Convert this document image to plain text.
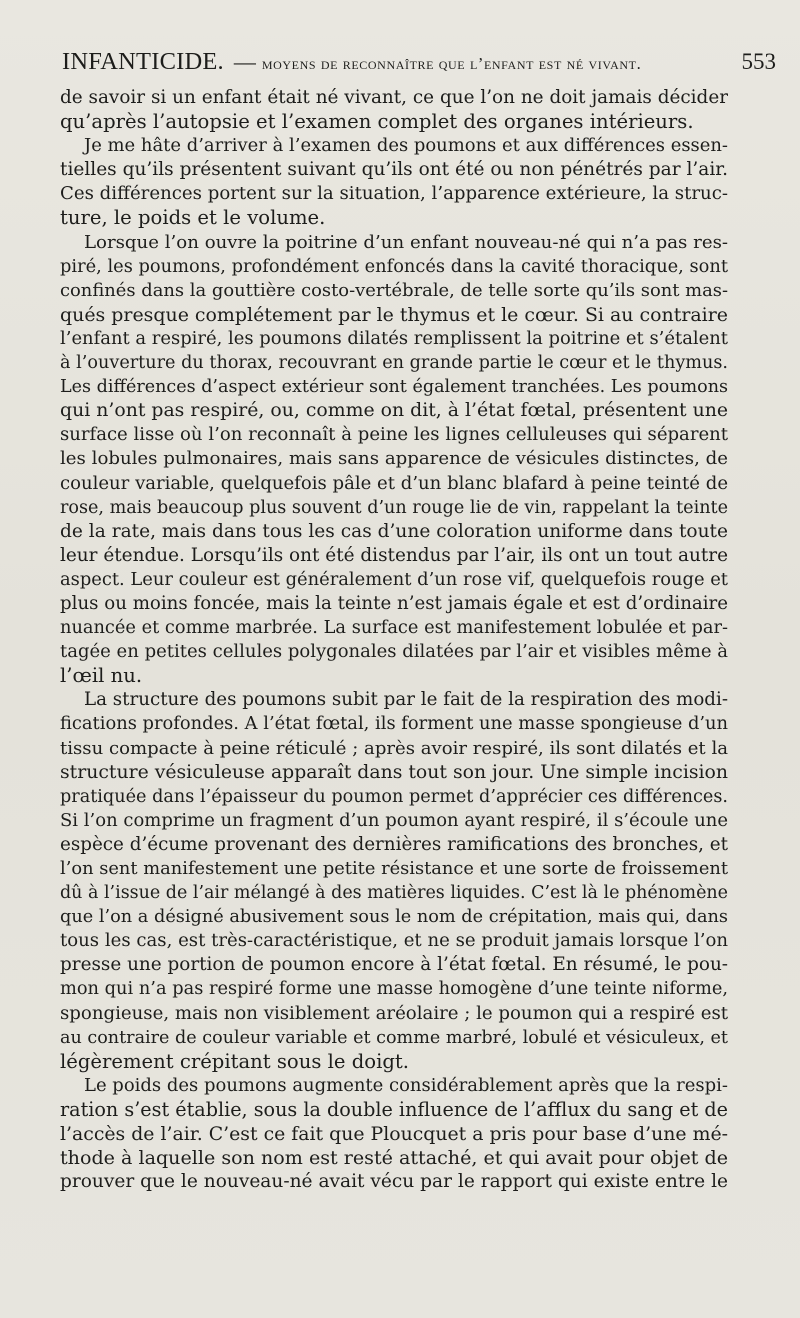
INFANTICIDE. — moyens de reconnaître que l’enfant est né vivant.	553
de savoir si un enfant était né vivant, ce que l’on ne doit jamais décider
qu’après l’autopsie et l’examen complet des organes intérieurs.
Je me hâte d’arriver à l’examen des poumons et aux différences essen-
tielles qu’ils présentent suivant qu’ils ont été ou non pénétrés par l’air.
Ces différences portent sur la situation, l’apparence extérieure, la struc-
ture, le poids et le volume.
Lorsque l’on ouvre la poitrine d’un enfant nouveau-né qui n’a pas res-
piré, les poumons, profondément enfoncés dans la cavité thoracique, sont
confinés dans la gouttière costo-vertébrale, de telle sorte qu’ils sont mas-
qués presque complétement par le thymus et le cœur. Si au contraire
l’enfant a respiré, les poumons dilatés remplissent la poitrine et s’étalent
à l’ouverture du thorax, recouvrant en grande partie le cœur et le thymus.
Les différences d’aspect extérieur sont également tranchées. Les poumons
qui n’ont pas respiré, ou, comme on dit, à l’état fœtal, présentent une
surface lisse où l’on reconnaît à peine les lignes celluleuses qui séparent
les lobules pulmonaires, mais sans apparence de vésicules distinctes, de
couleur variable, quelquefois pâle et d’un blanc blafard à peine teinté de
rose, mais beaucoup plus souvent d’un rouge lie de vin, rappelant la teinte
de la rate, mais dans tous les cas d’une coloration uniforme dans toute
leur étendue. Lorsqu’ils ont été distendus par l’air, ils ont un tout autre
aspect. Leur couleur est généralement d’un rose vif, quelquefois rouge et
plus ou moins foncée, mais la teinte n’est jamais égale et est d’ordinaire
nuancée et comme marbrée. La surface est manifestement lobulée et par-
tagée en petites cellules polygonales dilatées par l’air et visibles même à
l’œil nu.
La structure des poumons subit par le fait de la respiration des modi-
fications profondes. A l’état fœtal, ils forment une masse spongieuse d’un
tissu compacte à peine réticulé ; après avoir respiré, ils sont dilatés et la
structure vésiculeuse apparaît dans tout son jour. Une simple incision
pratiquée dans l’épaisseur du poumon permet d’apprécier ces différences.
Si l’on comprime un fragment d’un poumon ayant respiré, il s’écoule une
espèce d’écume provenant des dernières ramifications des bronches, et
l’on sent manifestement une petite résistance et une sorte de froissement
dû à l’issue de l’air mélangé à des matières liquides. C’est là le phénomène
que l’on a désigné abusivement sous le nom de crépitation, mais qui, dans
tous les cas, est très-caractéristique, et ne se produit jamais lorsque l’on
presse une portion de poumon encore à l’état fœtal. En résumé, le pou-
mon qui n’a pas respiré forme une masse homogène d’une teinte niforme,
spongieuse, mais non visiblement aréolaire ; le poumon qui a respiré est
au contraire de couleur variable et comme marbré, lobulé et vésiculeux, et
légèrement crépitant sous le doigt.
Le poids des poumons augmente considérablement après que la respi-
ration s’est établie, sous la double influence de l’afflux du sang et de
l’accès de l’air. C’est ce fait que Ploucquet a pris pour base d’une mé-
thode à laquelle son nom est resté attaché, et qui avait pour objet de
prouver que le nouveau-né avait vécu par le rapport qui existe entre le
